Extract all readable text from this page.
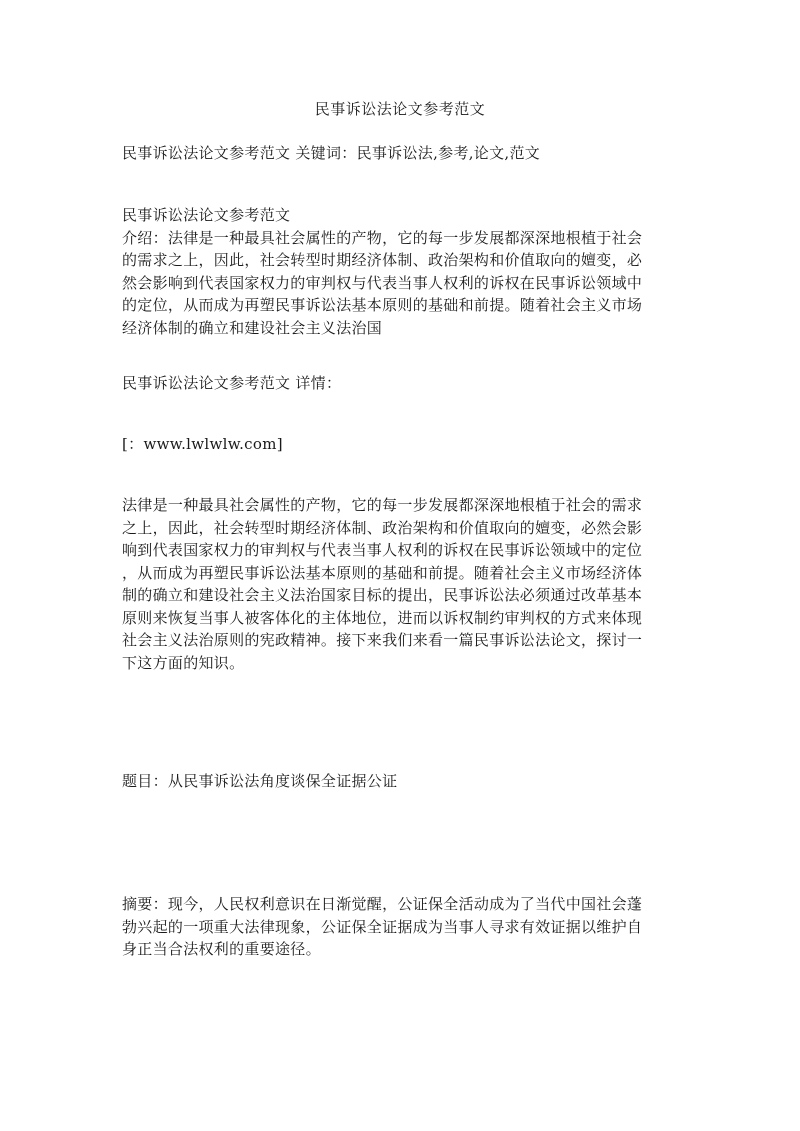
民事诉讼法论文参考范文
民事诉讼法论文参考范文 关键词：民事诉讼法,参考,论文,范文
民事诉讼法论文参考范文
介绍：法律是一种最具社会属性的产物，它的每一步发展都深深地根植于社会
的需求之上，因此，社会转型时期经济体制、政治架构和价值取向的嬗变，必
然会影响到代表国家权力的审判权与代表当事人权利的诉权在民事诉讼领域中
的定位，从而成为再塑民事诉讼法基本原则的基础和前提。随着社会主义市场
经济体制的确立和建设社会主义法治国
民事诉讼法论文参考范文 详情：
[：www.lwlwlw.com]
法律是一种最具社会属性的产物，它的每一步发展都深深地根植于社会的需求
之上，因此，社会转型时期经济体制、政治架构和价值取向的嬗变，必然会影
响到代表国家权力的审判权与代表当事人权利的诉权在民事诉讼领域中的定位
，从而成为再塑民事诉讼法基本原则的基础和前提。随着社会主义市场经济体
制的确立和建设社会主义法治国家目标的提出，民事诉讼法必须通过改革基本
原则来恢复当事人被客体化的主体地位，进而以诉权制约审判权的方式来体现
社会主义法治原则的宪政精神。接下来我们来看一篇民事诉讼法论文，探讨一
下这方面的知识。
题目：从民事诉讼法角度谈保全证据公证
摘要：现今，人民权利意识在日渐觉醒，公证保全活动成为了当代中国社会蓬
勃兴起的一项重大法律现象，公证保全证据成为当事人寻求有效证据以维护自
身正当合法权利的重要途径。
